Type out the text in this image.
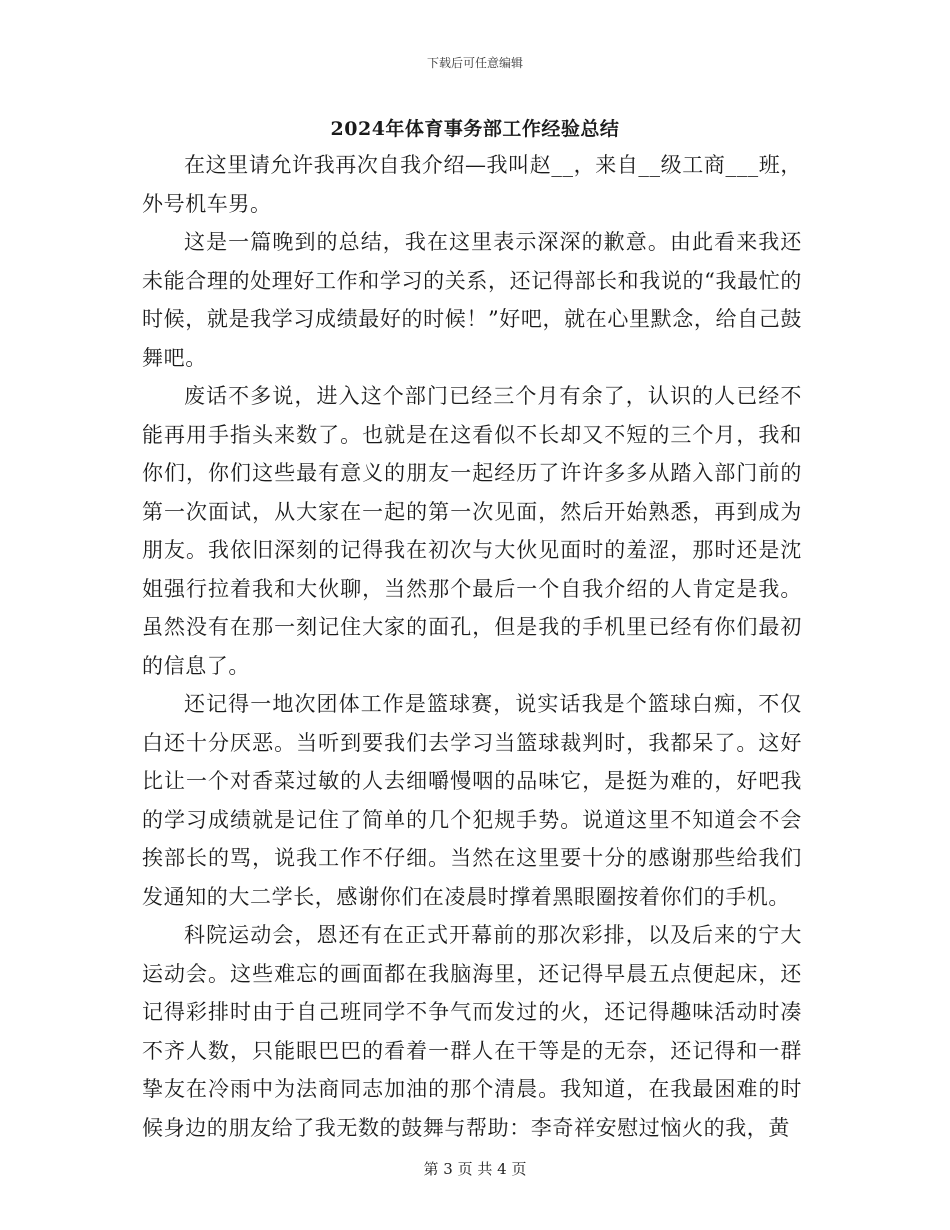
下载后可任意编辑
2024年体育事务部工作经验总结

在这里请允许我再次自我介绍—我叫赵__，来自__级工商___班，外号机车男。

这是一篇晚到的总结，我在这里表示深深的歉意。由此看来我还未能合理的处理好工作和学习的关系，还记得部长和我说的“我最忙的时候，就是我学习成绩最好的时候！”好吧，就在心里默念，给自己鼓舞吧。

废话不多说，进入这个部门已经三个月有余了，认识的人已经不能再用手指头来数了。也就是在这看似不长却又不短的三个月，我和你们，你们这些最有意义的朋友一起经历了许许多多从踏入部门前的第一次面试，从大家在一起的第一次见面，然后开始熟悉，再到成为朋友。我依旧深刻的记得我在初次与大伙见面时的羞涩，那时还是沈姐强行拉着我和大伙聊，当然那个最后一个自我介绍的人肯定是我。虽然没有在那一刻记住大家的面孔，但是我的手机里已经有你们最初的信息了。

还记得一地次团体工作是篮球赛，说实话我是个篮球白痴，不仅白还十分厌恶。当听到要我们去学习当篮球裁判时，我都呆了。这好比让一个对香菜过敏的人去细嚼慢咽的品味它，是挺为难的，好吧我的学习成绩就是记住了简单的几个犯规手势。说道这里不知道会不会挨部长的骂，说我工作不仔细。当然在这里要十分的感谢那些给我们发通知的大二学长，感谢你们在凌晨时撑着黑眼圈按着你们的手机。

科院运动会，恩还有在正式开幕前的那次彩排，以及后来的宁大运动会。这些难忘的画面都在我脑海里，还记得早晨五点便起床，还记得彩排时由于自己班同学不争气而发过的火，还记得趣味活动时凑不齐人数，只能眼巴巴的看着一群人在干等是的无奈，还记得和一群挚友在冷雨中为法商同志加油的那个清晨。我知道，在我最困难的时候身边的朋友给了我无数的鼓舞与帮助：李奇祥安慰过恼火的我，黄

第 3 页 共 4 页
